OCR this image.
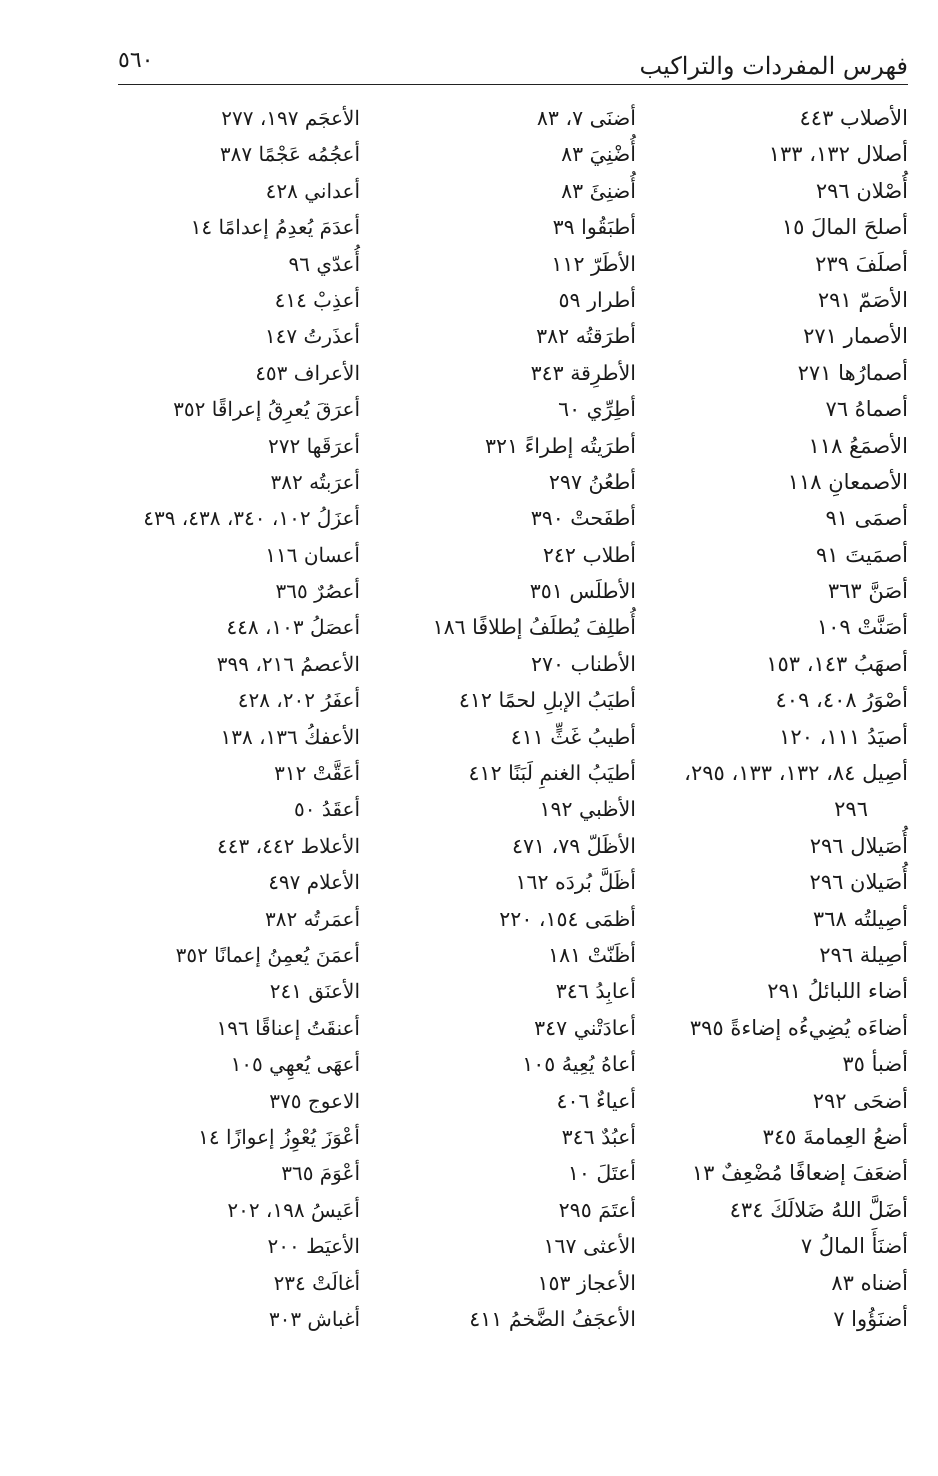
فهرس المفردات والتراكيب
٥٦٠
الأصلاب ٤٤٣
أصلال ١٣٢، ١٣٣
أُصْلان ٢٩٦
أصلحَ المالَ ١٥
أصلَفَ ٢٣٩
الأصَمّ ٢٩١
الأصمار ٢٧١
أصمارُها ٢٧١
أصماهُ ٧٦
الأصمَعُ ١١٨
الأصمعانِ ١١٨
أصمَى ٩١
أصمَيتَ ٩١
أصَنَّ ٣٦٣
أصَنَّتْ ١٠٩
أصهَبُ ١٤٣، ١٥٣
أصْوَرُ ٤٠٨، ٤٠٩
أصيَدُ ١١١، ١٢٠
أصِيل ٨٤، ١٣٢، ١٣٣، ٢٩٥،
٢٩٦
أُصَيلال ٢٩٦
أُصَيلان ٢٩٦
أصِيلتُه ٣٦٨
أصِيلة ٢٩٦
أضاء اللبائلُ ٢٩١
أضاءَه يُضِيءُه إضاءةً ٣٩٥
أضبأ ٣٥
أضحَى ٢٩٢
أضعُ العِمامةَ ٣٤٥
أضعَفَ إضعافًا مُضْعِفٌ ١٣
أضَلَّ اللهُ ضَلالَكَ ٤٣٤
أضنَأَ المالُ ٧
أضناه ٨٣
أضنَؤُوا ٧
أضنَى ٧، ٨٣
أُضْنِيَ ٨٣
أُضنِئَ ٨٣
أطبَقُوا ٣٩
الأطَرّ ١١٢
أطرار ٥٩
أطرَقتُه ٣٨٢
الأطرِقة ٣٤٣
أطِرِّي ٦٠
أطرَيتُه إطراءً ٣٢١
أطعُنُ ٢٩٧
أطفَحتْ ٣٩٠
أطلاب ٢٤٢
الأطلَس ٣٥١
أُطلِفَ يُطلَفُ إطلافًا ١٨٦
الأطناب ٢٧٠
أطيَبُ الإبلِ لحمًا ٤١٢
أطيبُ غَثٍّ ٤١١
أطيَبُ الغنمِ لَبَنًا ٤١٢
الأظبي ١٩٢
الأظَلّ ٧٩، ٤٧١
أظَلَّ بُردَه ١٦٢
أظمَى ١٥٤، ٢٢٠
أظَنّتْ ١٨١
أعابِدُ ٣٤٦
أعادَتْني ٣٤٧
أعاهُ يُعِيهُ ١٠٥
أعياءٌ ٤٠٦
أعبُدٌ ٣٤٦
أعتَلَ ١٠
أعتَمَ ٢٩٥
الأعثى ١٦٧
الأعجاز ١٥٣
الأعجَفُ الضَّخمُ ٤١١
الأعجَم ١٩٧، ٢٧٧
أعجُمُه عَجْمًا ٣٨٧
أعداني ٤٢٨
أعدَمَ يُعدِمُ إعدامًا ١٤
أُعدّي ٩٦
أعذِبْ ٤١٤
أعذَرتُ ١٤٧
الأعراف ٤٥٣
أعرَقَ يُعرِقُ إعراقًا ٣٥٢
أعرَقَها ٢٧٢
أعرَبتُه ٣٨٢
أعزَلُ ١٠٢، ٣٤٠، ٤٣٨، ٤٣٩
أعسان ١١٦
أعصُرٌ ٣٦٥
أعصَلُ ١٠٣، ٤٤٨
الأعصمُ ٢١٦، ٣٩٩
أعفَرُ ٢٠٢، ٤٢٨
الأعفكُ ١٣٦، ١٣٨
أعَقَّتْ ٣١٢
أعقَدُ ٥٠
الأعلاط ٤٤٢، ٤٤٣
الأعلام ٤٩٧
أعمَرتُه ٣٨٢
أعمَنَ يُعمِنُ إعمانًا ٣٥٢
الأعنَق ٢٤١
أعنقَتُ إعناقًا ١٩٦
أعهَى يُعهِي ١٠٥
الاعوج ٣٧٥
أعْوَزَ يُعْوِزُ إعوازًا ١٤
أعْوَمَ ٣٦٥
أعَيسُ ١٩٨، ٢٠٢
الأعيَط ٢٠٠
أغالَتْ ٢٣٤
أغباش ٣٠٣
